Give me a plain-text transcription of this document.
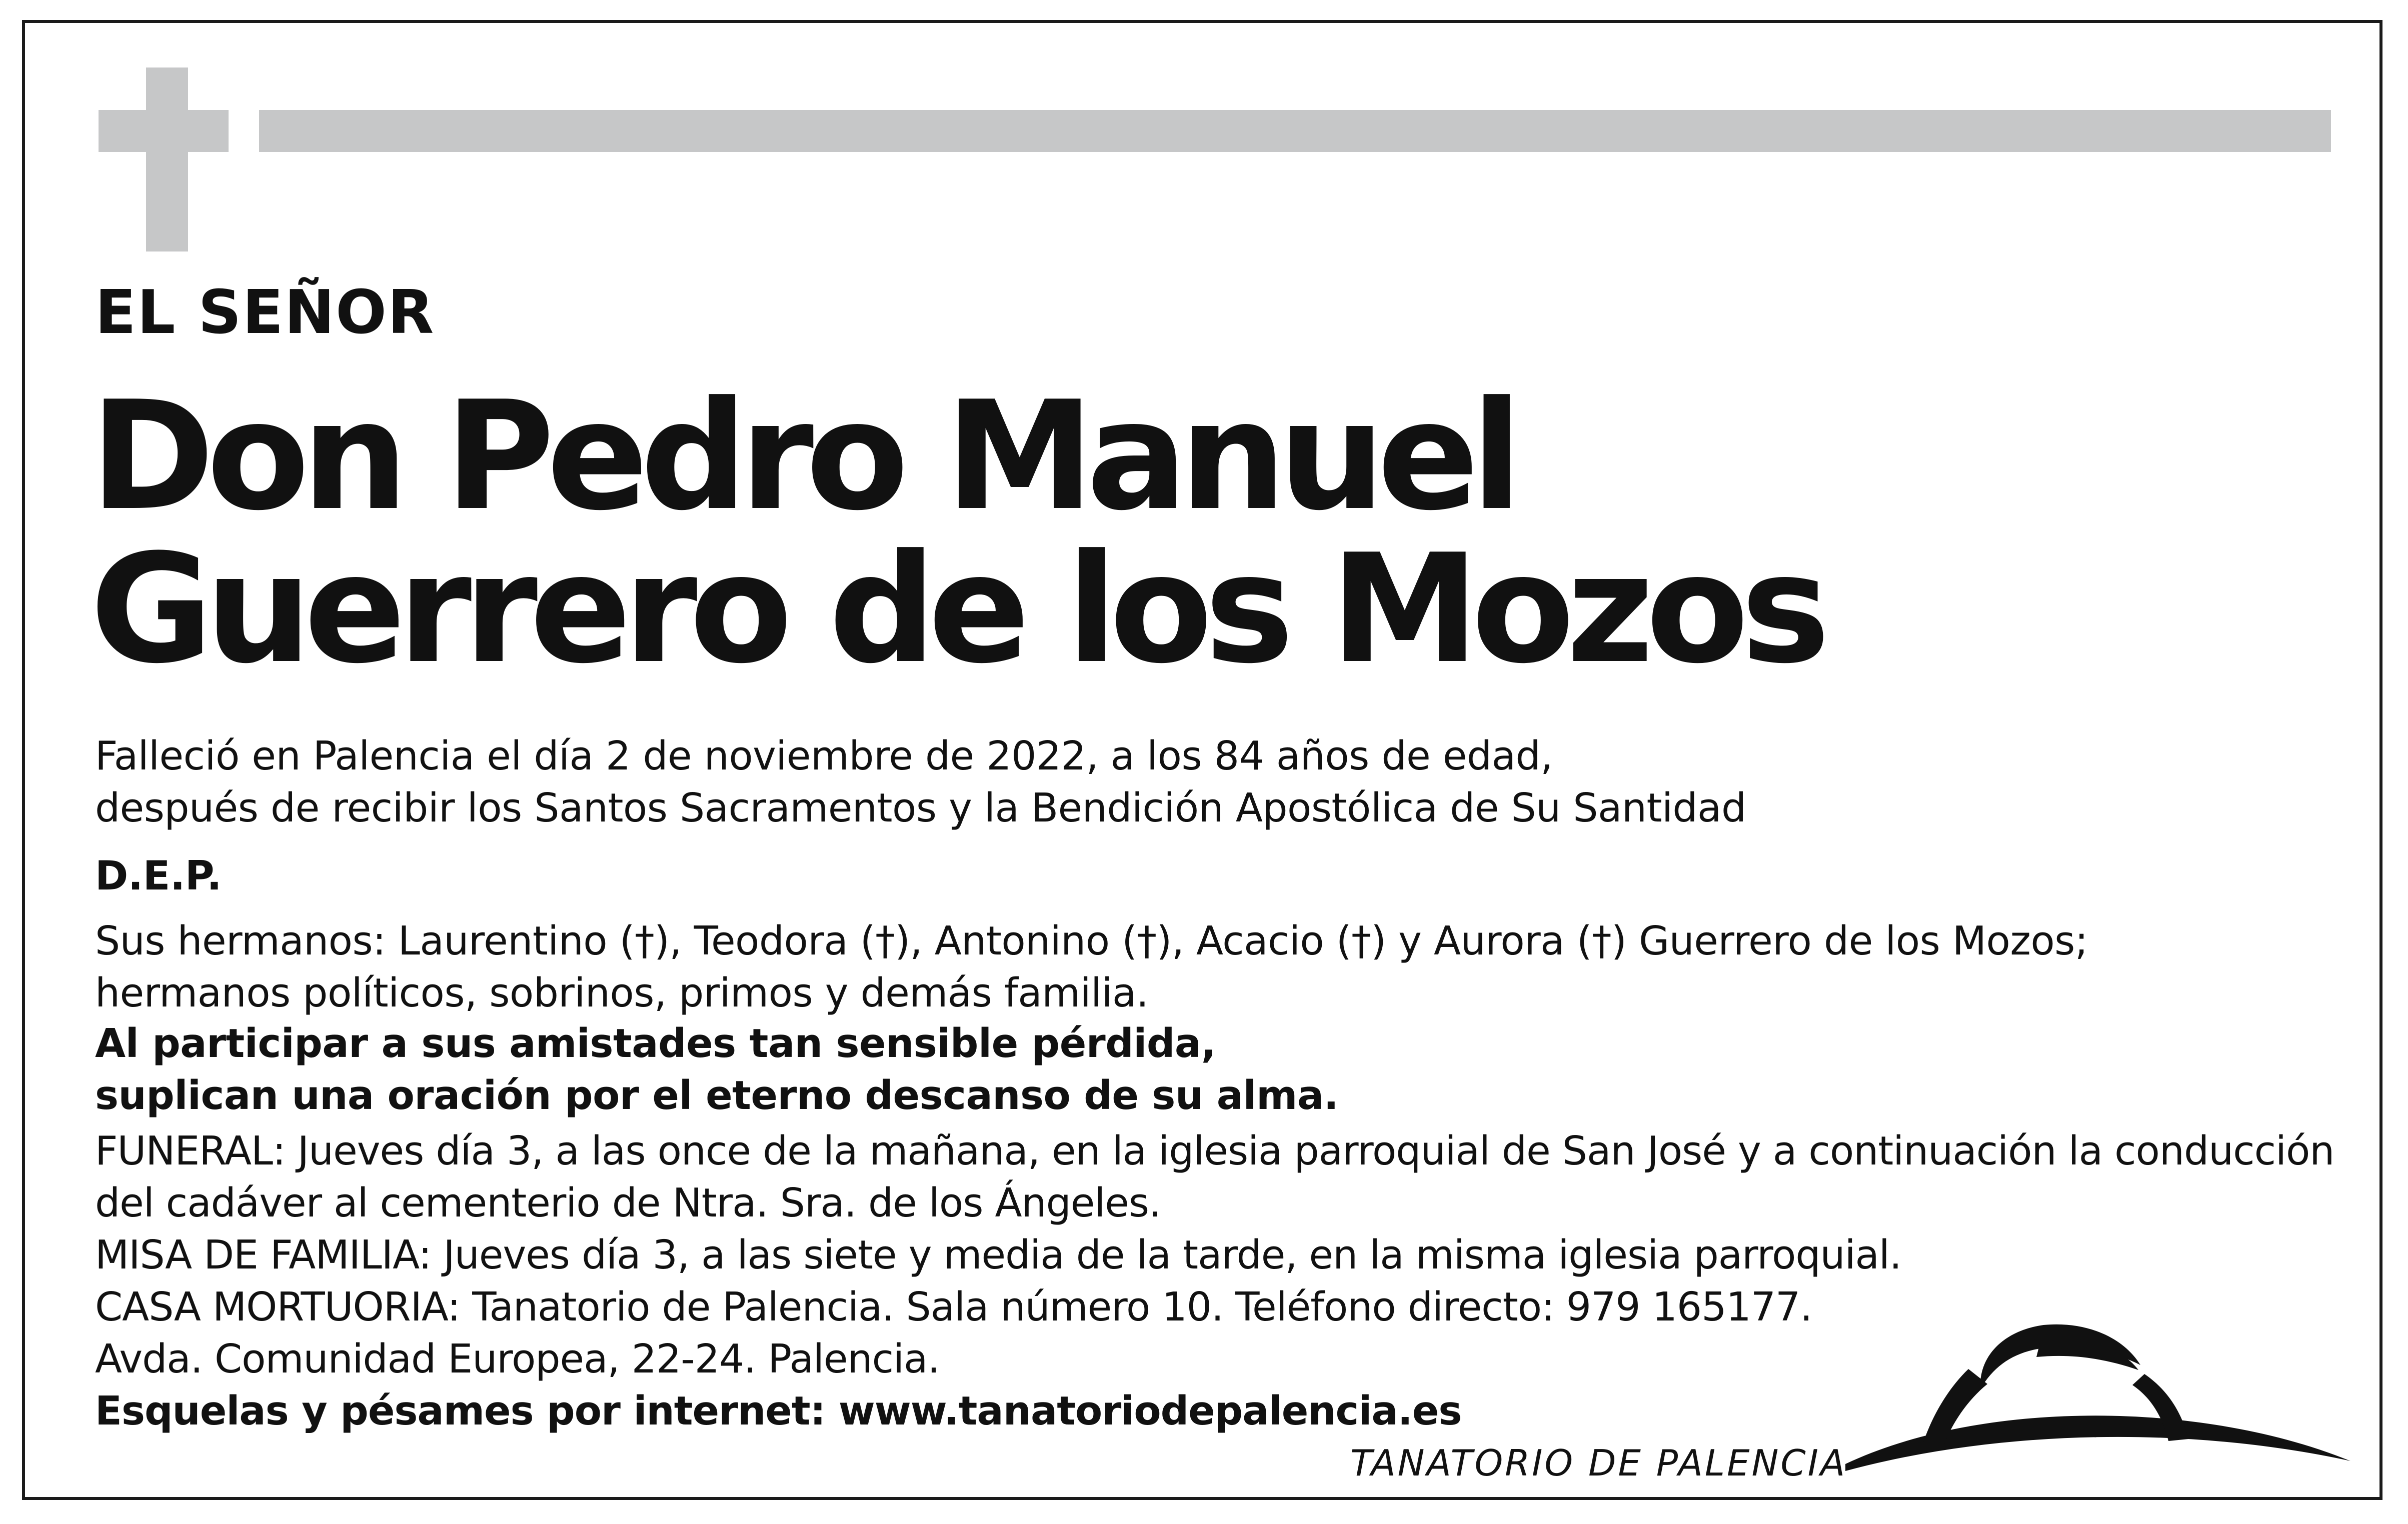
EL SEÑOR
Don Pedro Manuel
Guerrero de los Mozos
Falleció en Palencia el día 2 de noviembre de 2022, a los 84 años de edad,
después de recibir los Santos Sacramentos y la Bendición Apostólica de Su Santidad
D.E.P.
Sus hermanos: Laurentino (†), Teodora (†), Antonino (†), Acacio (†) y Aurora (†) Guerrero de los Mozos;
hermanos políticos, sobrinos, primos y demás familia.
Al participar a sus amistades tan sensible pérdida,
suplican una oración por el eterno descanso de su alma.
FUNERAL: Jueves día 3, a las once de la mañana, en la iglesia parroquial de San José y a continuación la conducción
del cadáver al cementerio de Ntra. Sra. de los Ángeles.
MISA DE FAMILIA: Jueves día 3, a las siete y media de la tarde, en la misma iglesia parroquial.
CASA MORTUORIA: Tanatorio de Palencia. Sala número 10. Teléfono directo: 979 165177.
Avda. Comunidad Europea, 22-24. Palencia.
Esquelas y pésames por internet: www.tanatoriodepalencia.es
TANATORIO DE PALENCIA
